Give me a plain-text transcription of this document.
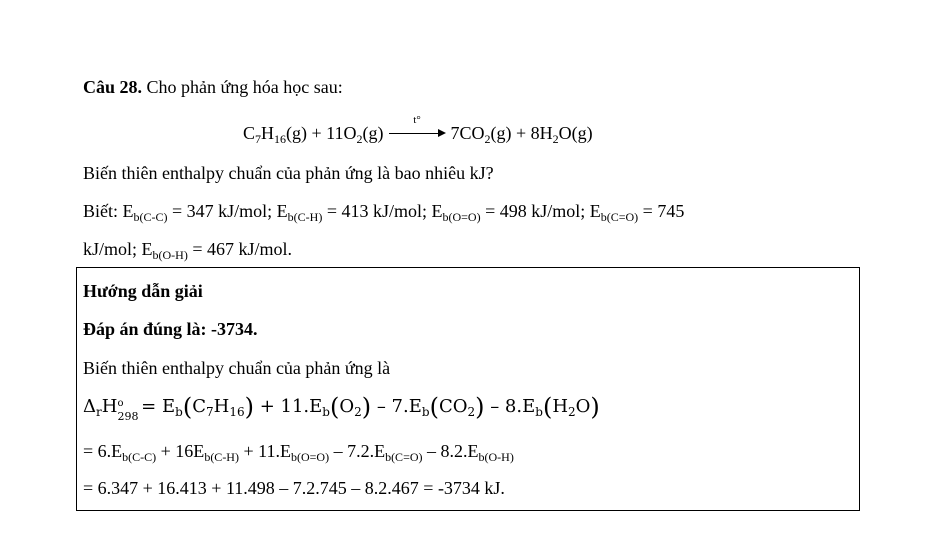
Câu 28. Cho phản ứng hóa học sau:
$C_7H_{16}(g) + 11O_2(g)$
t°
$7CO_2(g) + 8H_2O(g)$
Biến thiên enthalpy chuẩn của phản ứng là bao nhiêu kJ?
Biết: $E_{b(C-C)} = 347$ kJ/mol; $E_{b(C-H)} = 413$ kJ/mol; $E_{b(O=O)} = 498$ kJ/mol; $E_{b(C=O)} = 745$
kJ/mol; $E_{b(O-H)} = 467$ kJ/mol.
Hướng dẫn giải
Đáp án đúng là: -3734.
Biến thiên enthalpy chuẩn của phản ứng là
$\Delta_rH$ o
298
= $E_b(C_7H_{16}) + 11.E_b(O_2) - 7.E_b(CO_2) - 8.E_b(H_2O)$
= $6.E_{b(C-C)} + 16E_{b(C-H)} + 11.E_{b(O=O)} - 7.2.E_{b(C=O)} - 8.2.E_{b(O-H)}$
= 6.347 + 16.413 + 11.498 – 7.2.745 – 8.2.467 = -3734 kJ.
